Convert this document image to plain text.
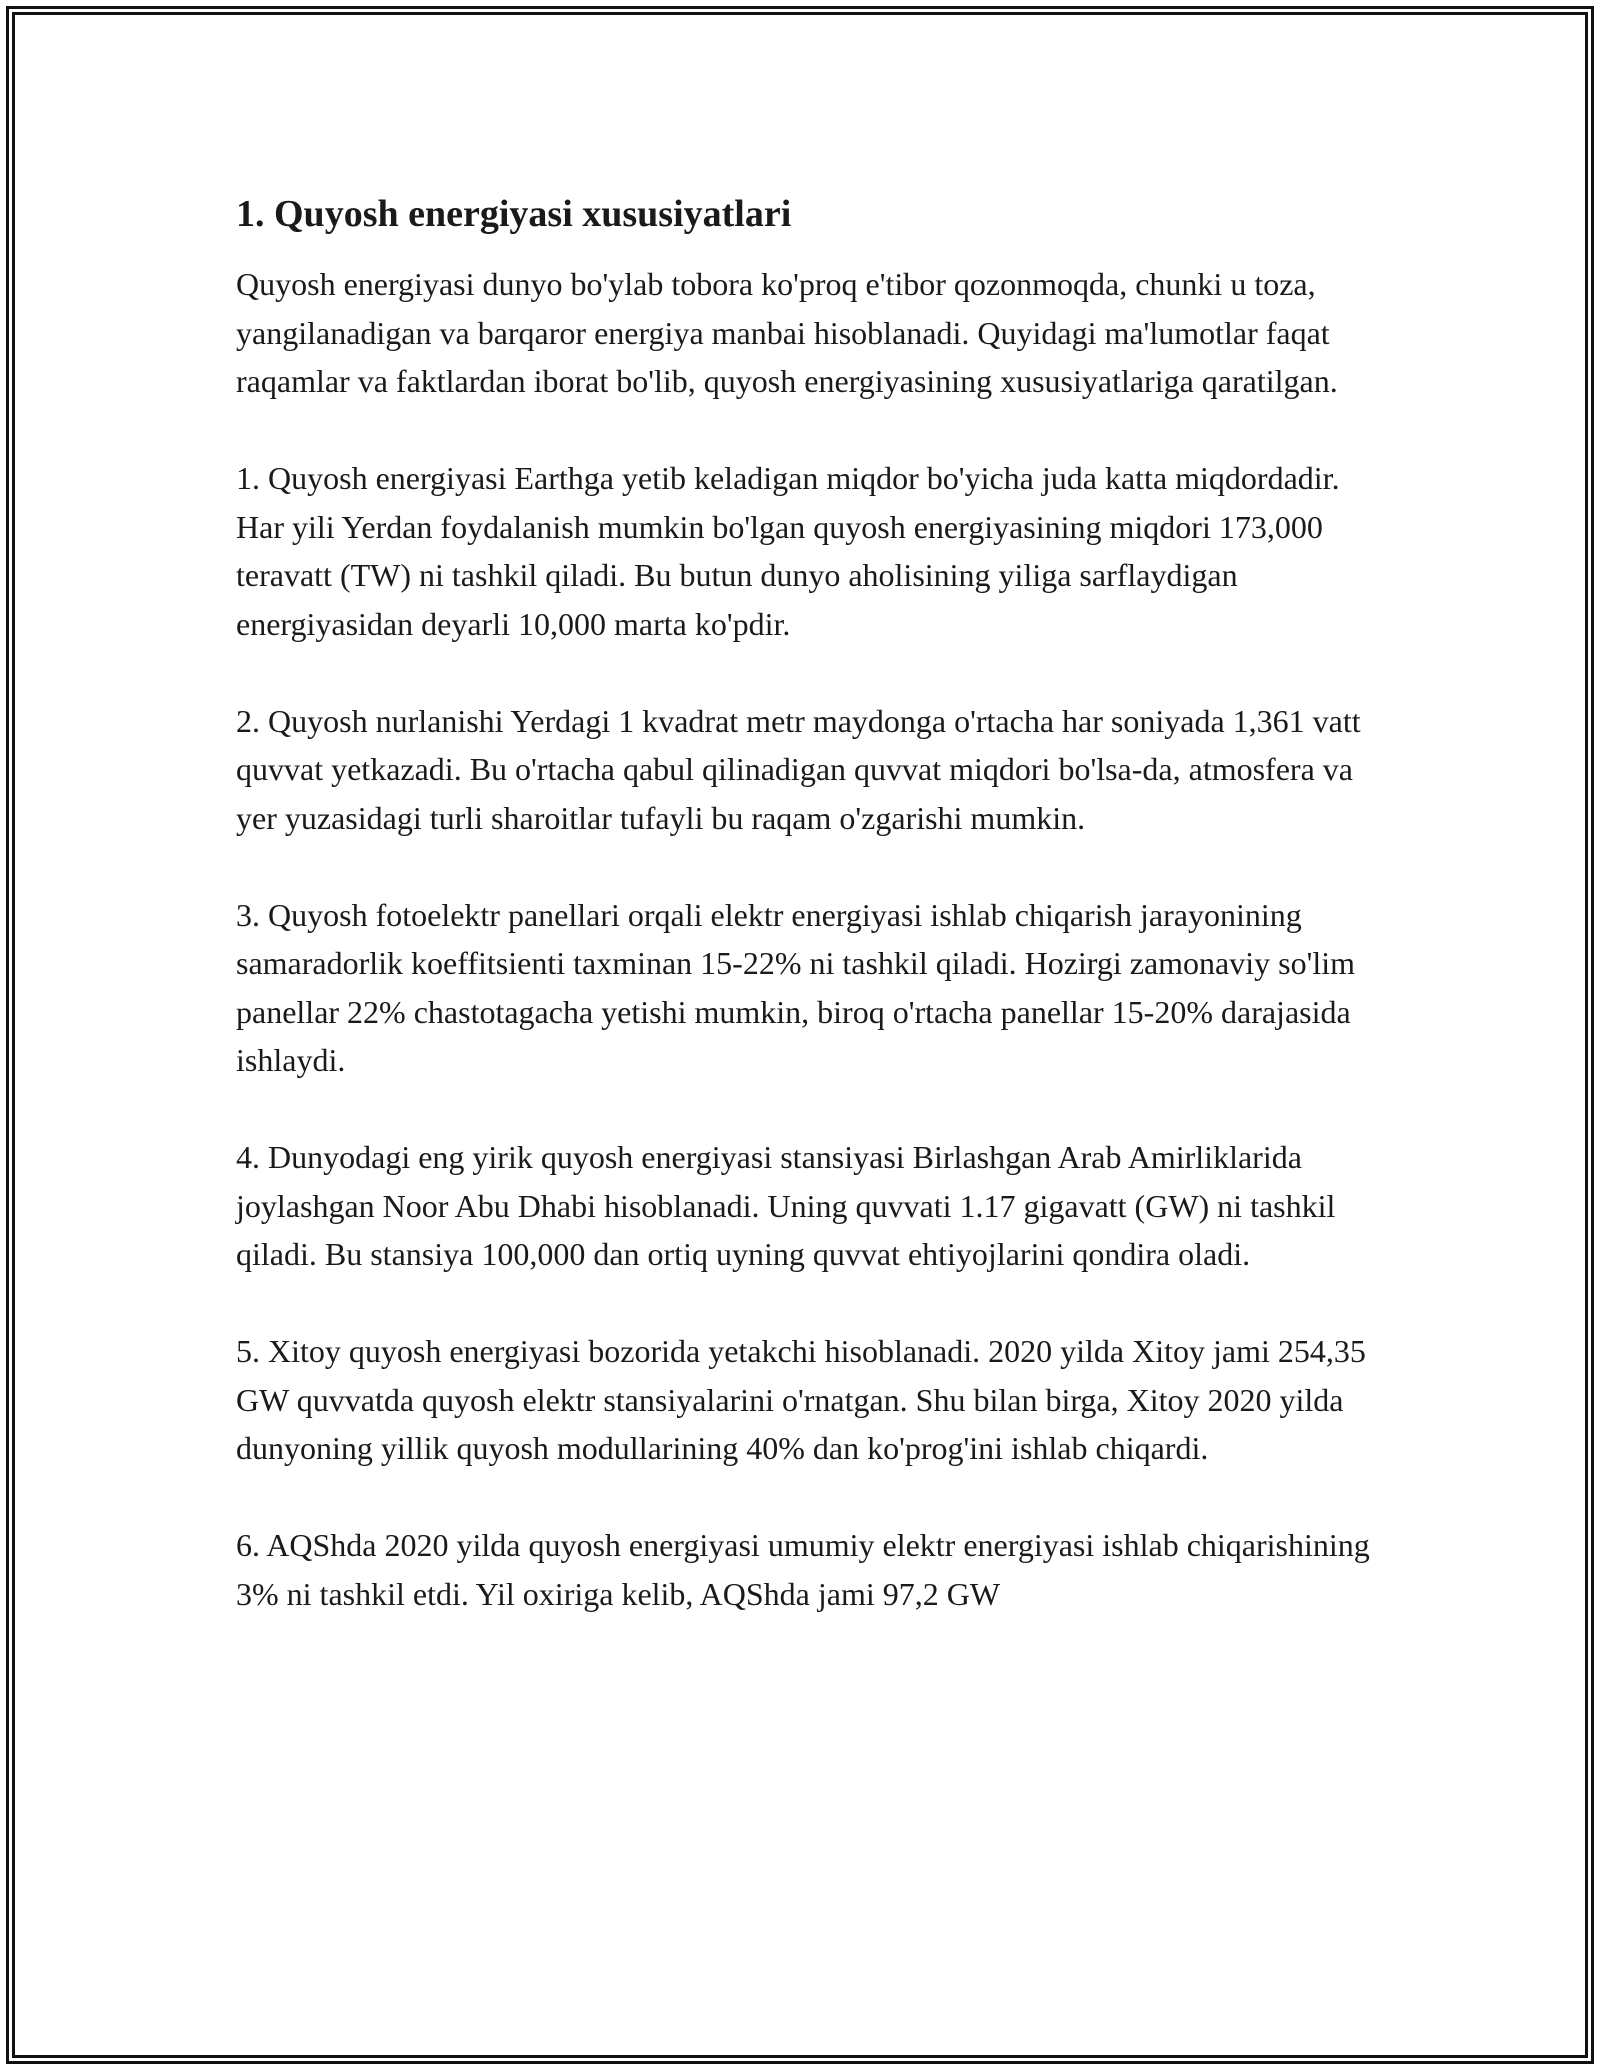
1. Quyosh energiyasi xususiyatlari

Quyosh energiyasi dunyo bo'ylab tobora ko'proq e'tibor qozonmoqda, chunki u toza, yangilanadigan va barqaror energiya manbai hisoblanadi. Quyidagi ma'lumotlar faqat raqamlar va faktlardan iborat bo'lib, quyosh energiyasining xususiyatlariga qaratilgan.

1. Quyosh energiyasi Earthga yetib keladigan miqdor bo'yicha juda katta miqdordadir. Har yili Yerdan foydalanish mumkin bo'lgan quyosh energiyasining miqdori 173,000 teravatt (TW) ni tashkil qiladi. Bu butun dunyo aholisining yiliga sarflaydigan energiyasidan deyarli 10,000 marta ko'pdir.

2. Quyosh nurlanishi Yerdagi 1 kvadrat metr maydonga o'rtacha har soniyada 1,361 vatt quvvat yetkazadi. Bu o'rtacha qabul qilinadigan quvvat miqdori bo'lsa-da, atmosfera va yer yuzasidagi turli sharoitlar tufayli bu raqam o'zgarishi mumkin.

3. Quyosh fotoelektr panellari orqali elektr energiyasi ishlab chiqarish jarayonining samaradorlik koeffitsienti taxminan 15-22% ni tashkil qiladi. Hozirgi zamonaviy so'lim panellar 22% chastotagacha yetishi mumkin, biroq o'rtacha panellar 15-20% darajasida ishlaydi.

4. Dunyodagi eng yirik quyosh energiyasi stansiyasi Birlashgan Arab Amirliklarida joylashgan Noor Abu Dhabi hisoblanadi. Uning quvvati 1.17 gigavatt (GW) ni tashkil qiladi. Bu stansiya 100,000 dan ortiq uyning quvvat ehtiyojlarini qondira oladi.

5. Xitoy quyosh energiyasi bozorida yetakchi hisoblanadi. 2020 yilda Xitoy jami 254,35 GW quvvatda quyosh elektr stansiyalarini o'rnatgan. Shu bilan birga, Xitoy 2020 yilda dunyoning yillik quyosh modullarining 40% dan ko'prog'ini ishlab chiqardi.

6. AQShda 2020 yilda quyosh energiyasi umumiy elektr energiyasi ishlab chiqarishining 3% ni tashkil etdi. Yil oxiriga kelib, AQShda jami 97,2 GW
